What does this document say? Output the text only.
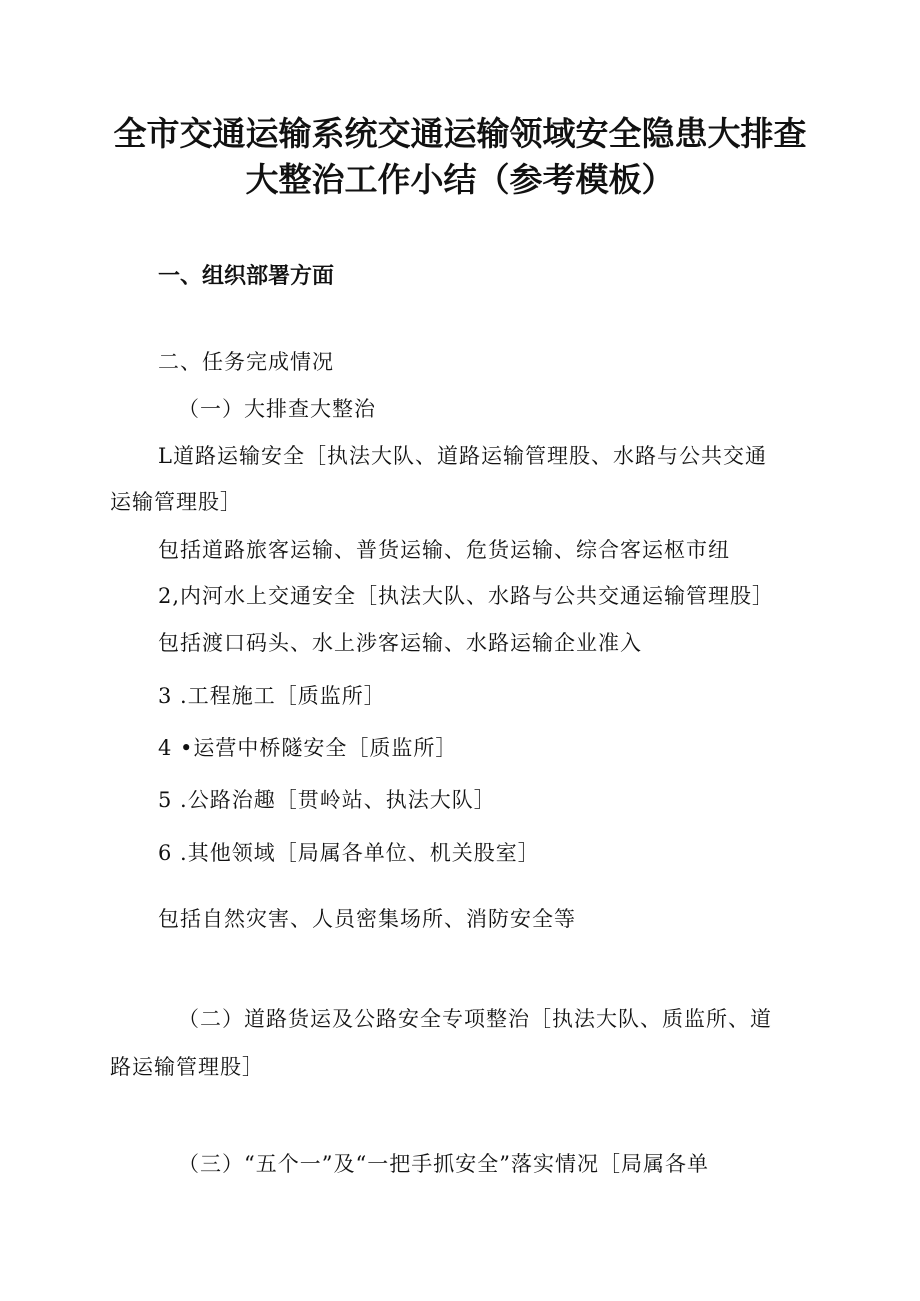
全市交通运输系统交通运输领域安全隐患大排查
大整治工作小结（参考模板）
一、组织部署方面
二、任务完成情况
（一）大排查大整治
L道路运输安全［执法大队、道路运输管理股、水路与公共交通
运输管理股］
包括道路旅客运输、普货运输、危货运输、综合客运枢市纽
2,内河水上交通安全［执法大队、水路与公共交通运输管理股］
包括渡口码头、水上涉客运输、水路运输企业准入
3 .工程施工［质监所］
4 •运营中桥隧安全［质监所］
5 .公路治趣［贯岭站、执法大队］
6 .其他领域［局属各单位、机关股室］
包括自然灾害、人员密集场所、消防安全等
（二）道路货运及公路安全专项整治［执法大队、质监所、道
路运输管理股］
（三）“五个一”及“一把手抓安全”落实情况［局属各单
